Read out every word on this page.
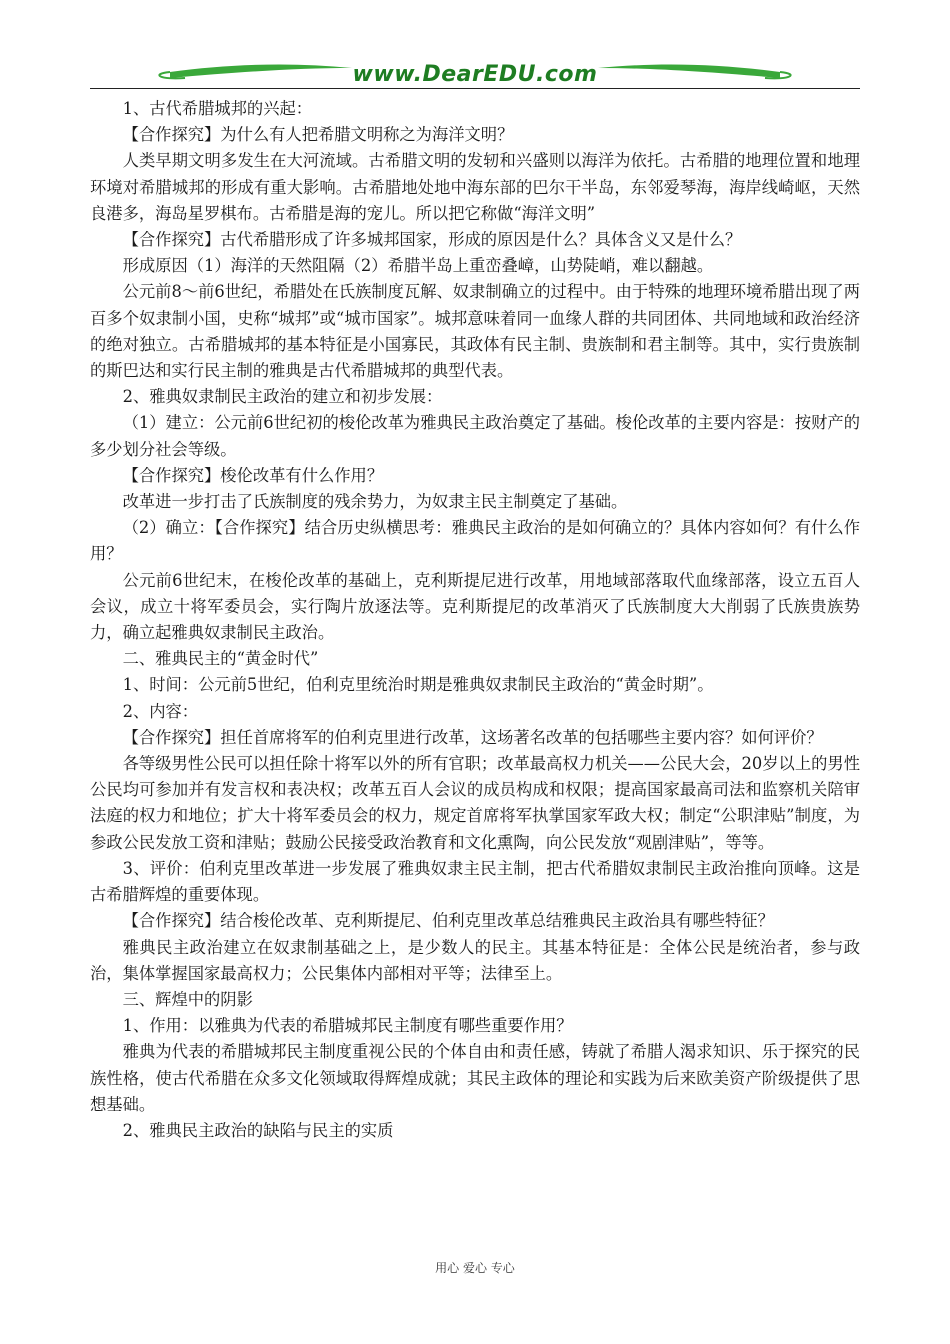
www.DearEDU.com

1、古代希腊城邦的兴起：

【合作探究】为什么有人把希腊文明称之为海洋文明？

人类早期文明多发生在大河流域。古希腊文明的发轫和兴盛则以海洋为依托。古希腊的地理位置和地理环境对希腊城邦的形成有重大影响。古希腊地处地中海东部的巴尔干半岛，东邻爱琴海，海岸线崎岖，天然良港多，海岛星罗棋布。古希腊是海的宠儿。所以把它称做“海洋文明”

【合作探究】古代希腊形成了许多城邦国家，形成的原因是什么？具体含义又是什么？

形成原因（1）海洋的天然阻隔（2）希腊半岛上重峦叠嶂，山势陡峭，难以翻越。

公元前8～前6世纪，希腊处在氏族制度瓦解、奴隶制确立的过程中。由于特殊的地理环境希腊出现了两百多个奴隶制小国，史称“城邦”或“城市国家”。城邦意味着同一血缘人群的共同团体、共同地域和政治经济的绝对独立。古希腊城邦的基本特征是小国寡民，其政体有民主制、贵族制和君主制等。其中，实行贵族制的斯巴达和实行民主制的雅典是古代希腊城邦的典型代表。

2、雅典奴隶制民主政治的建立和初步发展：

（1）建立：公元前6世纪初的梭伦改革为雅典民主政治奠定了基础。梭伦改革的主要内容是：按财产的多少划分社会等级。

【合作探究】梭伦改革有什么作用？

改革进一步打击了氏族制度的残余势力，为奴隶主民主制奠定了基础。

（2）确立：【合作探究】结合历史纵横思考：雅典民主政治的是如何确立的？具体内容如何？有什么作用？

公元前6世纪末，在梭伦改革的基础上，克利斯提尼进行改革，用地域部落取代血缘部落，设立五百人会议，成立十将军委员会，实行陶片放逐法等。克利斯提尼的改革消灭了氏族制度大大削弱了氏族贵族势力，确立起雅典奴隶制民主政治。

二、雅典民主的“黄金时代”

1、时间：公元前5世纪，伯利克里统治时期是雅典奴隶制民主政治的“黄金时期”。

2、内容：

【合作探究】担任首席将军的伯利克里进行改革，这场著名改革的包括哪些主要内容？如何评价？

各等级男性公民可以担任除十将军以外的所有官职；改革最高权力机关——公民大会，20岁以上的男性公民均可参加并有发言权和表决权；改革五百人会议的成员构成和权限；提高国家最高司法和监察机关陪审法庭的权力和地位；扩大十将军委员会的权力，规定首席将军执掌国家军政大权；制定“公职津贴”制度，为参政公民发放工资和津贴；鼓励公民接受政治教育和文化熏陶，向公民发放“观剧津贴”，等等。

3、评价：伯利克里改革进一步发展了雅典奴隶主民主制，把古代希腊奴隶制民主政治推向顶峰。这是古希腊辉煌的重要体现。

【合作探究】结合梭伦改革、克利斯提尼、伯利克里改革总结雅典民主政治具有哪些特征？

雅典民主政治建立在奴隶制基础之上，是少数人的民主。其基本特征是：全体公民是统治者，参与政治，集体掌握国家最高权力；公民集体内部相对平等；法律至上。

三、辉煌中的阴影

1、作用：以雅典为代表的希腊城邦民主制度有哪些重要作用？

雅典为代表的希腊城邦民主制度重视公民的个体自由和责任感，铸就了希腊人渴求知识、乐于探究的民族性格，使古代希腊在众多文化领域取得辉煌成就；其民主政体的理论和实践为后来欧美资产阶级提供了思想基础。

2、雅典民主政治的缺陷与民主的实质

用心 爱心 专心
